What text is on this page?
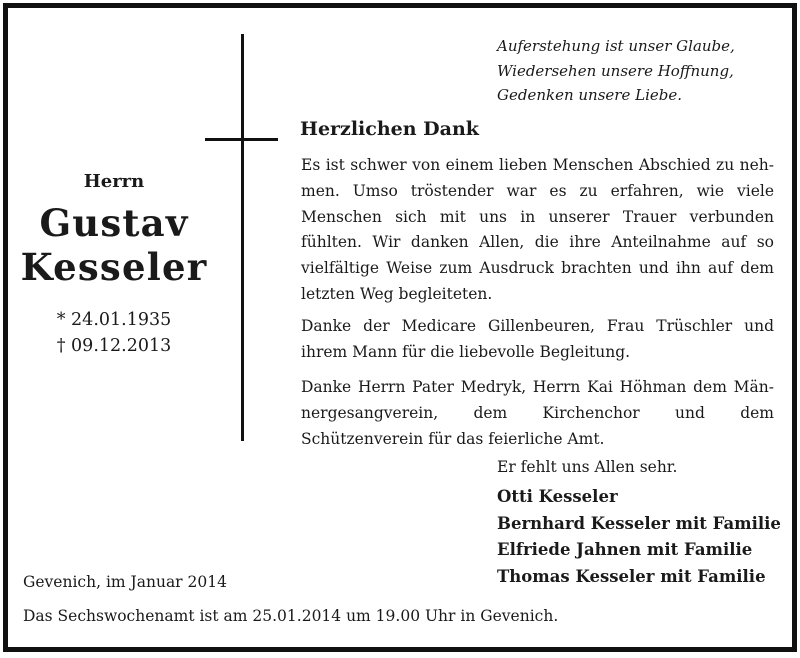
Auferstehung ist unser Glaube,
Wiedersehen unsere Hoffnung,
Gedenken unsere Liebe.
Herrn
Gustav
Kesseler
* 24.01.1935
† 09.12.2013
Herzlichen Dank

Es ist schwer von einem lieben Menschen Abschied zu nehmen. Umso tröstender war es zu erfahren, wie viele Menschen sich mit uns in unserer Trauer verbunden fühlten. Wir danken Allen, die ihre Anteilnahme auf so vielfältige Weise zum Ausdruck brachten und ihn auf dem letzten Weg begleiteten.

Danke der Medicare Gillenbeuren, Frau Trüschler und ihrem Mann für die liebevolle Begleitung.

Danke Herrn Pater Medryk, Herrn Kai Höhman dem Männergesangverein, dem Kirchenchor und dem Schützenverein für das feierliche Amt.

Er fehlt uns Allen sehr.
Otti Kesseler
Bernhard Kesseler mit Familie
Elfriede Jahnen mit Familie
Thomas Kesseler mit Familie
Gevenich, im Januar 2014
Das Sechswochenamt ist am 25.01.2014 um 19.00 Uhr in Gevenich.
